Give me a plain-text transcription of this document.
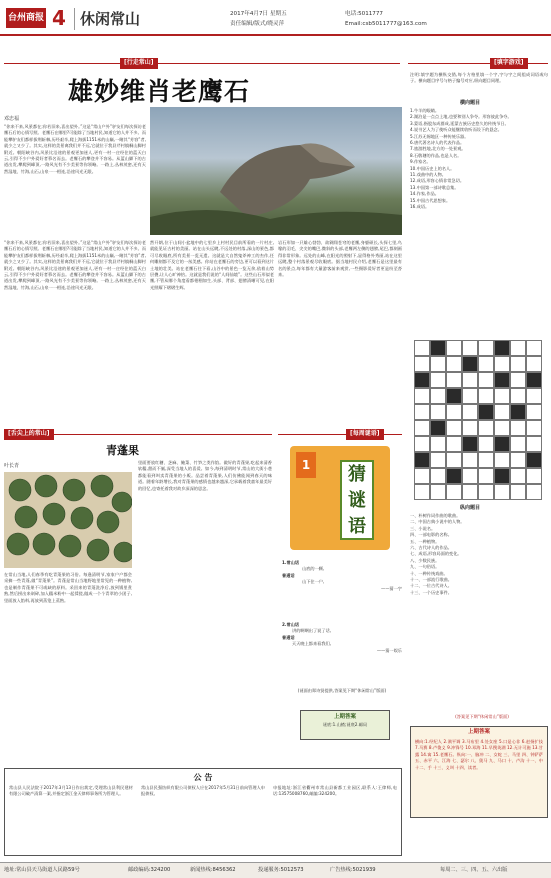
台州商报 4 休闲常山	2017年4月7日 星期五
责任编辑/版式/晓灵萍
电话:5011777
Email:csb5011777@163.com
[行走常山]
雄妙维肖老鹰石
邓忠福
“你来不来,风景都在;你若旧来,喜出望外。”这是“常山户外”驴友们每次探访老鹰石后的心情写照。老鹰石在哪里?可能除了当地村民,知道它的人并不多。而能攀驴友们都样拔荆斩棘,历经艰辛,爬上海拔1151米的山巅,一睹其“芳容”者,就少之又少了。其实,这样的美景离我们并不远,它就位于我县芹村镇桐山脚村附近。朝阳峡谷内,风景比沿途的景观更加迷人,更有一村一庄经住的蓝天白云,引得不少户外爱好者慕名而去。老鹰石的攀登并不容易。从蓝山脚下的古道出发,攀爬到峰顶,一路风光有不少美景等你领略。一路上,丛林茂密,还有天然湿地、竹海,山石,山泉一一相连,沿途风光无限。
然开朗,位于山间小盆地中的七里乡上村村民目前所看的一片村庄,就能见证古村的美丽。站在山头远眺,不远处的村落,深山的景色,都可尽收眼底,所有美景一览无遗。这就是大自然鬼斧神工的杰作,任何雕刻都不及它的一丝美感。你站在老鹰石的旁边,更可以看到这片土地的壮美。站在老鹰石往下看,山谷中的景色一览无余,依着山势层叠,让人心旷神怡。这就是我们说的“人间仙境”。这些山石形似老鹰,不管从哪个角度看都栩栩如生,头部、背部、翅膀清晰可见,在阳光照耀下熠熠生辉。
岩石形如一只雄心勃勃、欲翱翔苍穹的老鹰,身躯硕长,头探七里,鸟喙的羽毛、尖尖的嘴巴,微斜的头部,老鹰两左侧的翅膀,尾巴,都刻画得非常形象。远处的山峰,在阳光的照射下,显得格外秀丽,站在这里远眺,整个村落景观尽收眼底。据当地村民介绍,老鹰石是这里最有名的景点,每年都有大量游客前来观赏,一些摄影爱好者更是纷至沓来。
“你来不来,风景都在;你若旧来,喜出望外。”这是“常山户外”驴友们每次探访老鹰石后的心情写照。老鹰石在哪里?可能除了当地村民,知道它的人并不多。而能攀驴友们都样拔荆斩棘,历经艰辛,爬上海拔1151米的山巅,一睹其“芳容”者,就少之又少了。其实,这样的美景离我们并不远,它就位于我县芹村镇桐山脚村附近。朝阳峡谷内,风景比沿途的景观更加迷人,更有一村一庄经住的蓝天白云,引得不少户外爱好者慕名而去。老鹰石的攀登并不容易。从蓝山脚下的古道出发,攀爬到峰顶,一路风光有不少美景等你领略。一路上,丛林茂密,还有天然湿地、竹海,山石,山泉一一相连,沿途风光无限。
[填字游戏]
注明:填字题为横纵交错,每个方格里填一个字,字与字之间组成词语或句子。横向题目序号与格子编号对应,纵向题目同理。
横向题目
1.牛羊的眼睛。
2.湖泊是一点点上地,也要和别人争夺。形容彼此争夺。
3.蒙语,指股东成群成,延蒙古族历史悠久的传统节日。
4.说书艺人为了使听众能继续收听而设下的悬念。
5.江苏无锡地区一种传统乐器。
6.唐代著名诗人的代表作品。
7.旅游胜地,北方的一处景观。
8.石敬瑭的作品,也是人名。
9.作家名。
10.中国历史上的名人。
11.戏曲中的人物。
12.成语,形容心情非常急切。
13.中国第一部诗歌总集。
14.作家,作品。
15.中国古代思想家。
16.成语。
纵向题目
一、朴树作词作曲的歌曲。
二、中国古典小说中的人物。
三、小说名。
四、一部电影的名称。
五、一种植物。
六、古代诗人的作品。
七、成语,形容局面的变化。
八、少数民族。
九、一句俗语。
十、一种传统戏曲。
十一、一部流行歌曲。
十二、一位古代诗人。
十三、一个历史事件。
(答案见下期“休闲常山”版面)
上期答案
横向:1.经纪人 2.满平调 3.马布里 4.处女座 5.口是心非 6.赵扬扩技 7.马赛 8.卢俊义 9.冲锋号 10.邓海 11.早搜英湖 12.无计可施 13.甘露 14.寓 15.老鹰石。纵向:一、脑冲 二、女蛇 三、马里 四、钟萨萨 五、赤平 六、江海 七、瑟尔 八、奥马 九、马口 十、卢沟 十一、中 十二、手 十三、义叫 十四、读者。
[舌尖上的常山]
青蓬果
叶长青
在常山当地,人们春季有吃青蓬果的习俗。每逢清明节,家家户户都会采摘一些青蓬,做“青蓬果”。青蓬是常山当地野地里常见的一种植物,也是制作青蓬果不可或缺的原料。采回来的青蓬洗净后,放到锅里煮熟,然后捞出来剁碎,加入糯米粉中一起揉搓,做成一个个青翠的小团子,里面放入馅料,再放到蒸笼上蒸熟。
里面要放红糖、芝麻、腌菜、竹笋之类作馅。做好的青蓬果,吃起来清香软糯,甜而不腻,深受当地人的喜爱。如今,每到清明时节,常山的大街小巷都能看到叫卖青蓬果的小贩。品尝着青蓬果,人们仿佛能闻到春天的味道。随着年龄增长,我对青蓬果的感情也越来越深,它承载着我童年最美好的回忆,也寄托着我对故乡深深的思念。
[每周谜语]
1	猜
谜
语
1.常山话
山底的一颗,
普通话
山下住一户,
——猜一字
2.常山话
讲的啊啊出了说了话,
普通话
天天晚上都来看我们,
——猜一娱乐
(谜面由郑诗贤提供,答案见下期“休闲常山”版面)
上期答案
谜底:1.山楂;谜底2.邮局
公 告
常山县人民法院于2017年3月13日作出裁定,受理常山县利民建材有限公司破产清算一案,并指定浙江金天律师事务所为管理人。
常山县民强纺织有限公司债权人应在2017年5月31日前向管理人申报债权。
申报地址:浙江省衢州市常山县新都工业园区,联系人:王律师,电话:13575008760,邮编:324200。
地址:常山县天马街道人民路59号	邮政编码:324200	新闻热线:8456362	投递服务:5012573	广告热线:5021939	每周二、三、四、五、六出版
